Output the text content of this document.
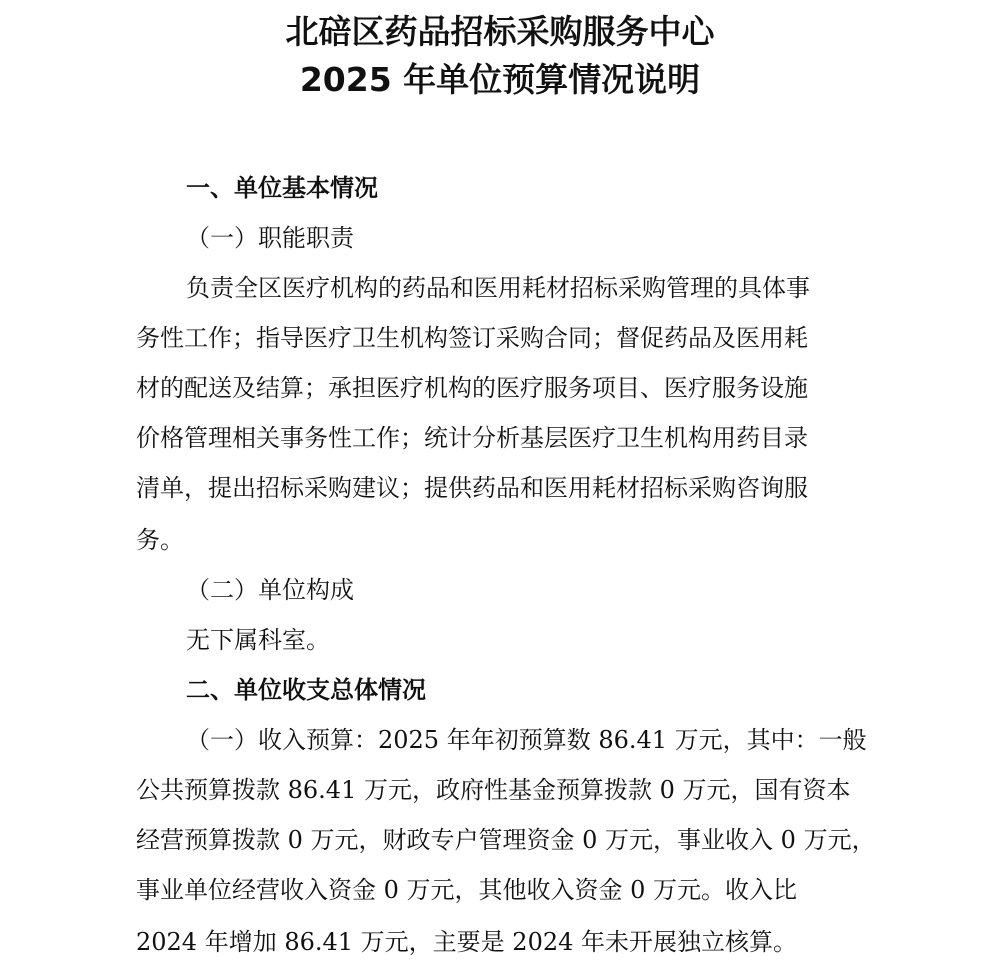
北碚区药品招标采购服务中心
2025 年单位预算情况说明
一、单位基本情况
（一）职能职责
负责全区医疗机构的药品和医用耗材招标采购管理的具体事
务性工作；指导医疗卫生机构签订采购合同；督促药品及医用耗
材的配送及结算；承担医疗机构的医疗服务项目、医疗服务设施
价格管理相关事务性工作；统计分析基层医疗卫生机构用药目录
清单，提出招标采购建议；提供药品和医用耗材招标采购咨询服
务。
（二）单位构成
无下属科室。
二、单位收支总体情况
（一）收入预算：2025 年年初预算数 86.41 万元，其中：一般
公共预算拨款 86.41 万元，政府性基金预算拨款 0 万元，国有资本
经营预算拨款 0 万元，财政专户管理资金 0 万元，事业收入 0 万元，
事业单位经营收入资金 0 万元，其他收入资金 0 万元。收入比
2024 年增加 86.41 万元，主要是 2024 年未开展独立核算。
